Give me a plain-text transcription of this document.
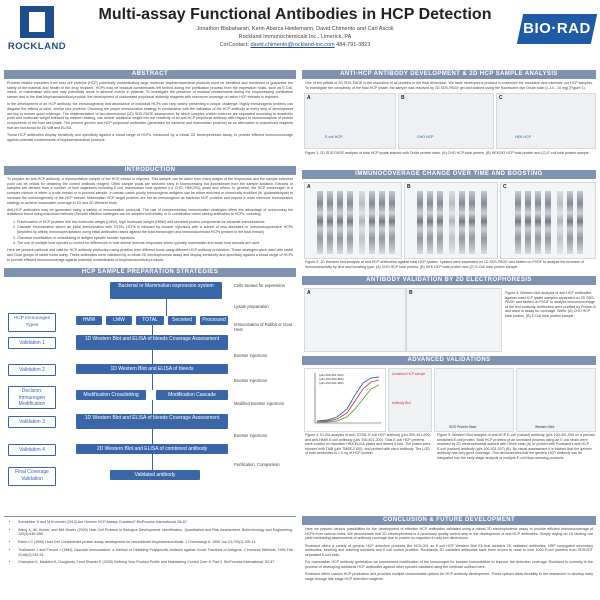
ROCKLAND
Multi-assay Functional Antibodies in HCP Detection
Jonathon Blabaharan, Kerin Abarca Heidemann, David Chimento and Carl Ascoli
Rockland Immunochemicals Inc., Limerick, PA
CorContact: david.chimento@rockland-inc.com 484-791-3823
BIO·RAD
ABSTRACT

Process related impurities from host cell proteins (HCP) potentially contaminating large molecule biopharmaceutical products must be identified and monitored to guarantee the safety of the material and health of the drug recipient. HCPs may be residual contaminants left behind during the purification process from the expression hosts, such as E.Coli, insect, or mammalian cells and may potentially result in adverse events in patients. To investigate the presence of residual contaminants during the bioprocessing purification stream and in the final biopharmaceutical product, the development of customized polyclonal antibody reagents with maximum coverage of native HCP extracts is required.

In the development of an HCP antibody, the immunogenicity and abundance of individual HCPs can vary, widely presenting a unique challenge. Highly immunogenic proteins can disguise the effects of other, similar size proteins. Choosing the proper immunization strategy in combination with the validation of the HCP antibody at every step of development are key to ensure good coverage. The implementation of two-dimensional (2D) SDS-PAGE assessment, by which complex protein mixtures are separated according to isoelectric point and molecular weight followed by western blotting, can deliver additional insight into the reactivity of an anti-HCP polyclonal antibody with respect to immunocapture of protein components of the host cell lysate. The present generic anti-HCP polyclonal antibodies (generated for bacterial and mammalian proteins) as an alternative to customized reagents that are functional for 2D WB and ELISA.

These HCP antibodies display sensitivity and specificity against a broad range of HCPs, measured by a robust 2D electrophoresis assay, to provide efficient immunocoverage against potential contaminants of biopharmaceutical products.

INTRODUCTION

To prepare an anti-HCP antibody, a representative sample of the HCP extract is required. This sample can be taken from many stages of the bioprocess and the sample selection point can be critical for obtaining the correct antibody reagent. Often sample pools are selected early in bioprocessing but downstream from the sample isolation. Extracts or samples are derived from a number of host organisms including E.coli, mammalian host systems (i.e CHO, HEK293), yeast and others. In general, the HCP immunogen is a complex mixture of either a crude extract or in-process sample. In certain cases poorly immunogenic antigens can be either enriched or chemically modified (ie. glutaraldehyde) to increase the immunogenicity of the HCP extract. Mammalian HCP target proteins are not as immunogenic as bacterial HCP proteins and require a more intensive immunization strategy to achieve reasonable coverage in 1D and 2D Western blots.

Anti-HCP antibodies may be generated using a variety of immunization protocols. The use of complementary immunization strategies offers the advantage of overcoming the limitations found using individual methods (Several effective strategies can be adopted individually or in combination when raising antibodies to HCPs, including:

1. Fractionation of HCP proteins into low molecular weight (LMW), high molecular weight (HMW) and secreted protein components for separate immunizations
2. Cascade immunization where an initial immunization with TOTAL HCPs is followed by booster injections with a subset of less abundant or immunosuppressive HCPs (depleted by affinity immunoprecipitation using initial antibodies raised against the total immunogen and immunodominant HCPs present in the total extract)
3. Chemical modification or crosslinking of antigen specific booster injections
4. The use of multiple host species to control for differences in host animal immune responses where typically mammalian and avian host animals are used

Here we present methods and data for HCP antibody production using proteins from different hosts using different HCP antibody production. These strategies were used with rabbit and Goat groups of rabbit hosts using. These antibodies were validated by a robust 2D electrophoresis assay and display sensitivity and specificity against a broad range of HCPs to provide efficient immunocoverage against potential contaminants of biopharmaceutical products.

HCP SAMPLE PREPARATION STRATEGIES
Bacterial or Mammalian expression system
HCP Immunogen Types
HMW	LMW	TOTAL	Secreted	Processed
Validation 1
1D Western Blot and ELISA of bleeds Coverage Assessment
Validation 2	1D Western Blot and ELISA of bleeds
Decision: Immunogen Modification
Modification Crosslinking	Modification Cascade
Validation 3
1D Western Blot and ELISA of bleeds Coverage Assessment
Validation 4	2D Western Blot and ELISA of combined antibody
Final Coverage Validation
Validated antibody
Cells treated for expression
Lysate preparation
Immunization of Rabbit or Goat Host
Booster injections
Booster injections
Modified Booster injections
Booster injections
Purification, Comparison
• Schweitzer D and M Krummel (2010) Are Generic HCP Assays Outdated? BioProcess International, 58-87.
• Wang X, AK Hunter, and NM Mozier (2009) Host Cell Proteins in Biologics Development: Identification, Quantitation and Risk Assessment. Biotechnology and Engineering, 103(3):446-458.
• Eaton LC (1995) Host Cell Contaminant protein assay development for recombinant biopharmaceuticals. J Chromatogr A. 1995 Jun 23;705(1):105-14.
• Thalhamer J and Freund J (1984) Cascade immunization: a Method of Obtaining Polyspecific Antisera against Crude Fractions of Antigens. J Immunol Methods, 1984 Feb 10;66(2):245-51.
• Champion K, Madden H, Dougherty J and Shacter E (2005) Defining Your Product Profile and Maintaining Control Over It, Part 2. BioProcess International, 52-57.
ANTI-HCP ANTIBODY DEVELOPMENT & 2D HCP SAMPLE ANALYSIS
One of the pitfalls of 2D SDS-PAGE is the resolution of all proteins in the final dimension. We have developed a protocol to maximize the resolution and minimize our HCP samples. To investigate the complexity of the total HCP lysate, the sample was resolved by 2D SDS-PAGE gel and stained using the fluorescent dye Oriole stain (L-10 - 10 mg) (Figure 1).
A
E.coli HCP
B
CHO HCP
C
HEK HCP
Figure 1: 2D SDS-PAGE analysis of total HCP lysate stained with Oriole protein stain. (A) CHO HCP total protein, (B) HEK293 HCP total protein and (C) E.coli total protein sample.
IMMUNOCOVERAGE CHANGE OVER TIME AND BOOSTING
A	B	C
Figure 2: 1D Western blot analysis of anti-HCP antibodies against total HCP lysates. Lysates were separated on 1D SDS-PAGE and blotted on PVDF to analyze the increase of immunoreactivity by time and boosting type. (A) CHO HCP total protein, (B) HEK HCP total protein and (C) E.Coli total protein sample.
ANTIBODY VALIDATION BY 2D ELECTROPHORESIS
A	B	Figure 3: Western blot analysis of anti-HCP antibodies against total HCP lysate samples separated on 2D SDS-PAGE and blotted on PVDF to analyze immunocoverage of the test antibody. Antibodies were purified by Protein A and used to assay for coverage. Wells: (A) CHO HCP total protein, (B) E.Coli total protein sample.
ADVANCED VALIDATIONS
(μl/s 200-401-900)
(μl/s 200-403-880)
(μl/s 200-401-980)
Unstained HCP sample
Antibody Blot
SDS Protein Stain	Western Blot
Figure 4: ELISA analysis of anti-TOTAL E.coli HCP antibody (μl/s 300-401-900) and anti-HMW E.coli antibody (μl/s 200-401-200). Total E.coli HCP proteins were coated on microtiter HBX ELISA plates and titered 5 fold. The plates were blocked with TMB (μl/s TMBE-0100), and probed with each antibody. The LOD of both antibodies is < 5 ng of HCP protein.
Figure 5: Western Blot analysis of anti-HCP E.coli (variant) antibody (μl/s 100-401-005 on a precast unstained E.coli protein. Total HCP proteins of an unrelated process using an E.coli strain were resolved by 2D electrophoresis stained with Oriole stain (A) or probed with Rockland's anti-HCP E.coli (variant) antibody (μl/s 100-401-007) (B). By visual assessment it is evident that the generic antibody has very good coverage. This demonstrates that the generic HCP antibody can be integrated into the early stage analysis of multiple E.coli bioprocessing products.
CONCLUSION & FUTURE DEVELOPMENT

Here we present various possibilities for the development of effective HCP antibodies validated using a robust 2D electrophoresis assay to provide efficient immunocoverage of HCPs from various hosts. We demonstrate that 2D electrophoresis is a necessary quality control step in the development of anti-HCP antibodies. Simply relying on 1D binding can yield misleading assessments of antibody coverage due to protein co-migration in only two dimensions.

Rockland offers a variety of generic HCP detection products like HCK-001 an E.coli HCP Western Blot Kit that contains 2D validated antibodies, HRP conjugated secondary antibodies, blocking and washing solutions and E.coli control proteins. Rockland's 2D validated antibodies have been shown to react to over 1000 E.coli proteins from SDS/2DT separated E.coli cells.

For mammalian HCP antibody generation we recommend modification of the immunogen for booster immunization to improve the detection coverage. Rockland is currently in the process of developing additional HCP antibodies against other species validated using the methods outlined here.

Rockland offers custom HCP production and provides multiple customizable options for HCP antibody development. These options allow flexibility to the researcher to develop early stage through late stage HCP detection reagents.
